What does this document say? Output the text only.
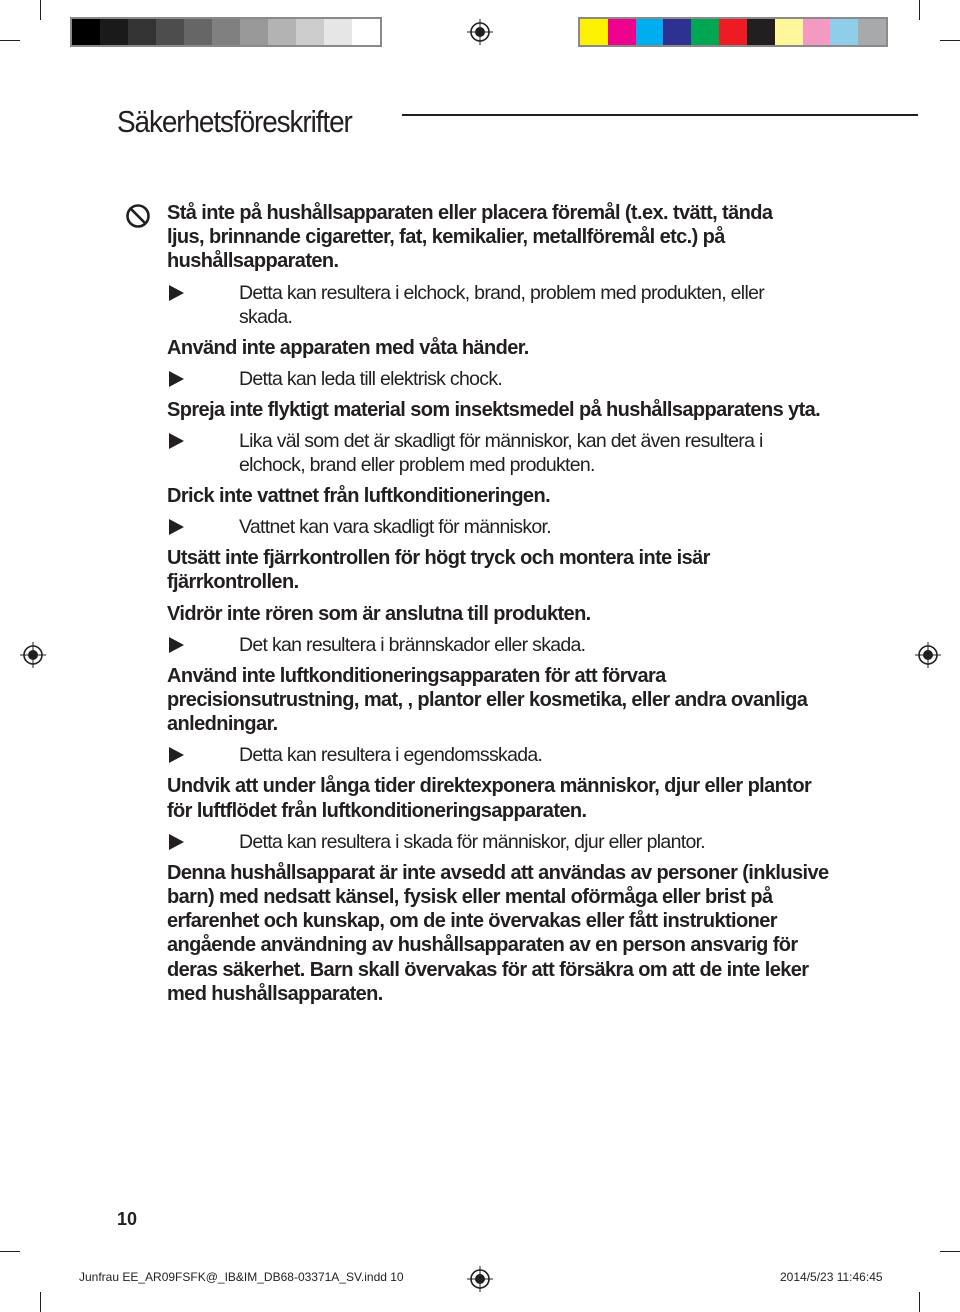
Säkerhetsföreskrifter
Stå inte på hushållsapparaten eller placera föremål (t.ex. tvätt, tända
ljus, brinnande cigaretter, fat, kemikalier, metallföremål etc.) på
hushållsapparaten.
Detta kan resultera i elchock, brand, problem med produkten, eller
skada.
Använd inte apparaten med våta händer.
Detta kan leda till elektrisk chock.
Spreja inte flyktigt material som insektsmedel på hushållsapparatens yta.
Lika väl som det är skadligt för människor, kan det även resultera i
elchock, brand eller problem med produkten.
Drick inte vattnet från luftkonditioneringen.
Vattnet kan vara skadligt för människor.
Utsätt inte fjärrkontrollen för högt tryck och montera inte isär
fjärrkontrollen.
Vidrör inte rören som är anslutna till produkten.
Det kan resultera i brännskador eller skada.
Använd inte luftkonditioneringsapparaten för att förvara
precisionsutrustning, mat, , plantor eller kosmetika, eller andra ovanliga
anledningar.
Detta kan resultera i egendomsskada.
Undvik att under långa tider direktexponera människor, djur eller plantor
för luftflödet från luftkonditioneringsapparaten.
Detta kan resultera i skada för människor, djur eller plantor.
Denna hushållsapparat är inte avsedd att användas av personer (inklusive
barn) med nedsatt känsel, fysisk eller mental oförmåga eller brist på
erfarenhet och kunskap, om de inte övervakas eller fått instruktioner
angående användning av hushållsapparaten av en person ansvarig för
deras säkerhet. Barn skall övervakas för att försäkra om att de inte leker
med hushållsapparaten.
10
Junfrau EE_AR09FSFK@_IB&IM_DB68-03371A_SV.indd 10	2014/5/23 11:46:45
